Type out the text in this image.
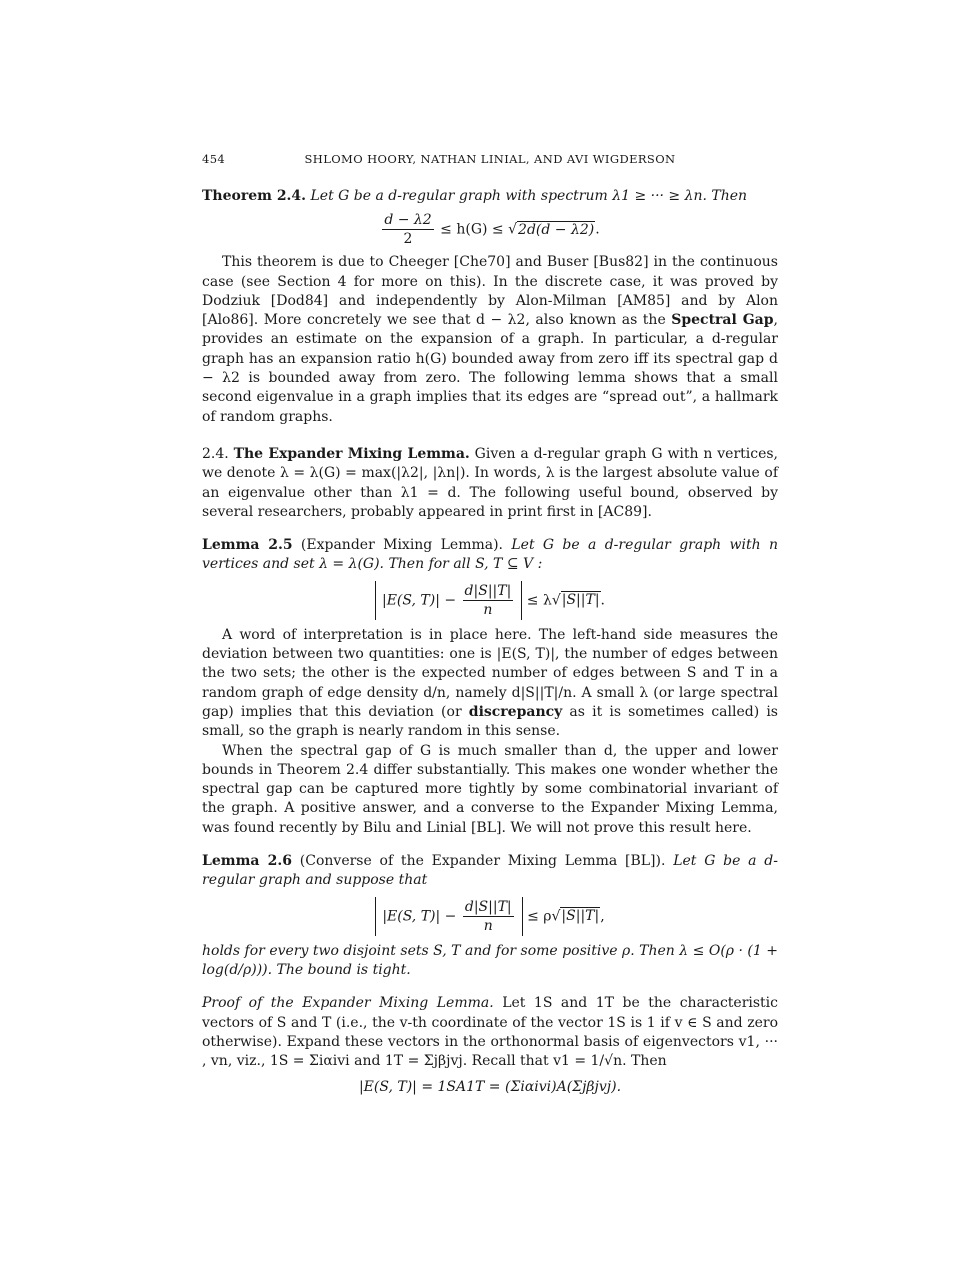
454	SHLOMO HOORY, NATHAN LINIAL, AND AVI WIGDERSON

Theorem 2.4. Let G be a d-regular graph with spectrum λ1 ≥ ··· ≥ λn. Then

$\frac{d - \lambda 2}{2} \le h(G) \le √2d(d - \lambda 2)$.

This theorem is due to Cheeger [Che70] and Buser [Bus82] in the continuous case (see Section 4 for more on this). In the discrete case, it was proved by Dodziuk [Dod84] and independently by Alon-Milman [AM85] and by Alon [Alo86]. More concretely we see that d − λ2, also known as the Spectral Gap, provides an estimate on the expansion of a graph. In particular, a d-regular graph has an expansion ratio h(G) bounded away from zero iff its spectral gap d − λ2 is bounded away from zero. The following lemma shows that a small second eigenvalue in a graph implies that its edges are “spread out”, a hallmark of random graphs.

2.4. The Expander Mixing Lemma. Given a d-regular graph G with n vertices, we denote λ = λ(G) = max(|λ2|, |λn|). In words, λ is the largest absolute value of an eigenvalue other than λ1 = d. The following useful bound, observed by several researchers, probably appeared in print first in [AC89].

Lemma 2.5 (Expander Mixing Lemma). Let G be a d-regular graph with n vertices and set λ = λ(G). Then for all S, T ⊆ V :

|E(S, $T)| - \frac{d|S||T|}{n} \le \lambda√|S||T|$.

A word of interpretation is in place here. The left-hand side measures the deviation between two quantities: one is |E(S, T)|, the number of edges between the two sets; the other is the expected number of edges between S and T in a random graph of edge density d/n, namely d|S||T|/n. A small λ (or large spectral gap) implies that this deviation (or discrepancy as it is sometimes called) is small, so the graph is nearly random in this sense.

When the spectral gap of G is much smaller than d, the upper and lower bounds in Theorem 2.4 differ substantially. This makes one wonder whether the spectral gap can be captured more tightly by some combinatorial invariant of the graph. A positive answer, and a converse to the Expander Mixing Lemma, was found recently by Bilu and Linial [BL]. We will not prove this result here.

Lemma 2.6 (Converse of the Expander Mixing Lemma [BL]). Let G be a d-regular graph and suppose that

|E(S, $T)| - \frac{d|S||T|}{n} \le \rho√|S||T|$,

holds for every two disjoint sets S, T and for some positive ρ. Then λ ≤ O(ρ · (1 + log(d/ρ))). The bound is tight.

Proof of the Expander Mixing Lemma. Let 1S and 1T be the characteristic vectors of S and T (i.e., the v-th coordinate of the vector 1S is 1 if v ∈ S and zero otherwise). Expand these vectors in the orthonormal basis of eigenvectors v1, ··· , vn, viz., 1S = Σiαivi and 1T = Σjβjvj. Recall that v1 = 1/√n. Then

|E(S, T)| = 1SA1T = (Σiαivi)A(Σjβjvj).
